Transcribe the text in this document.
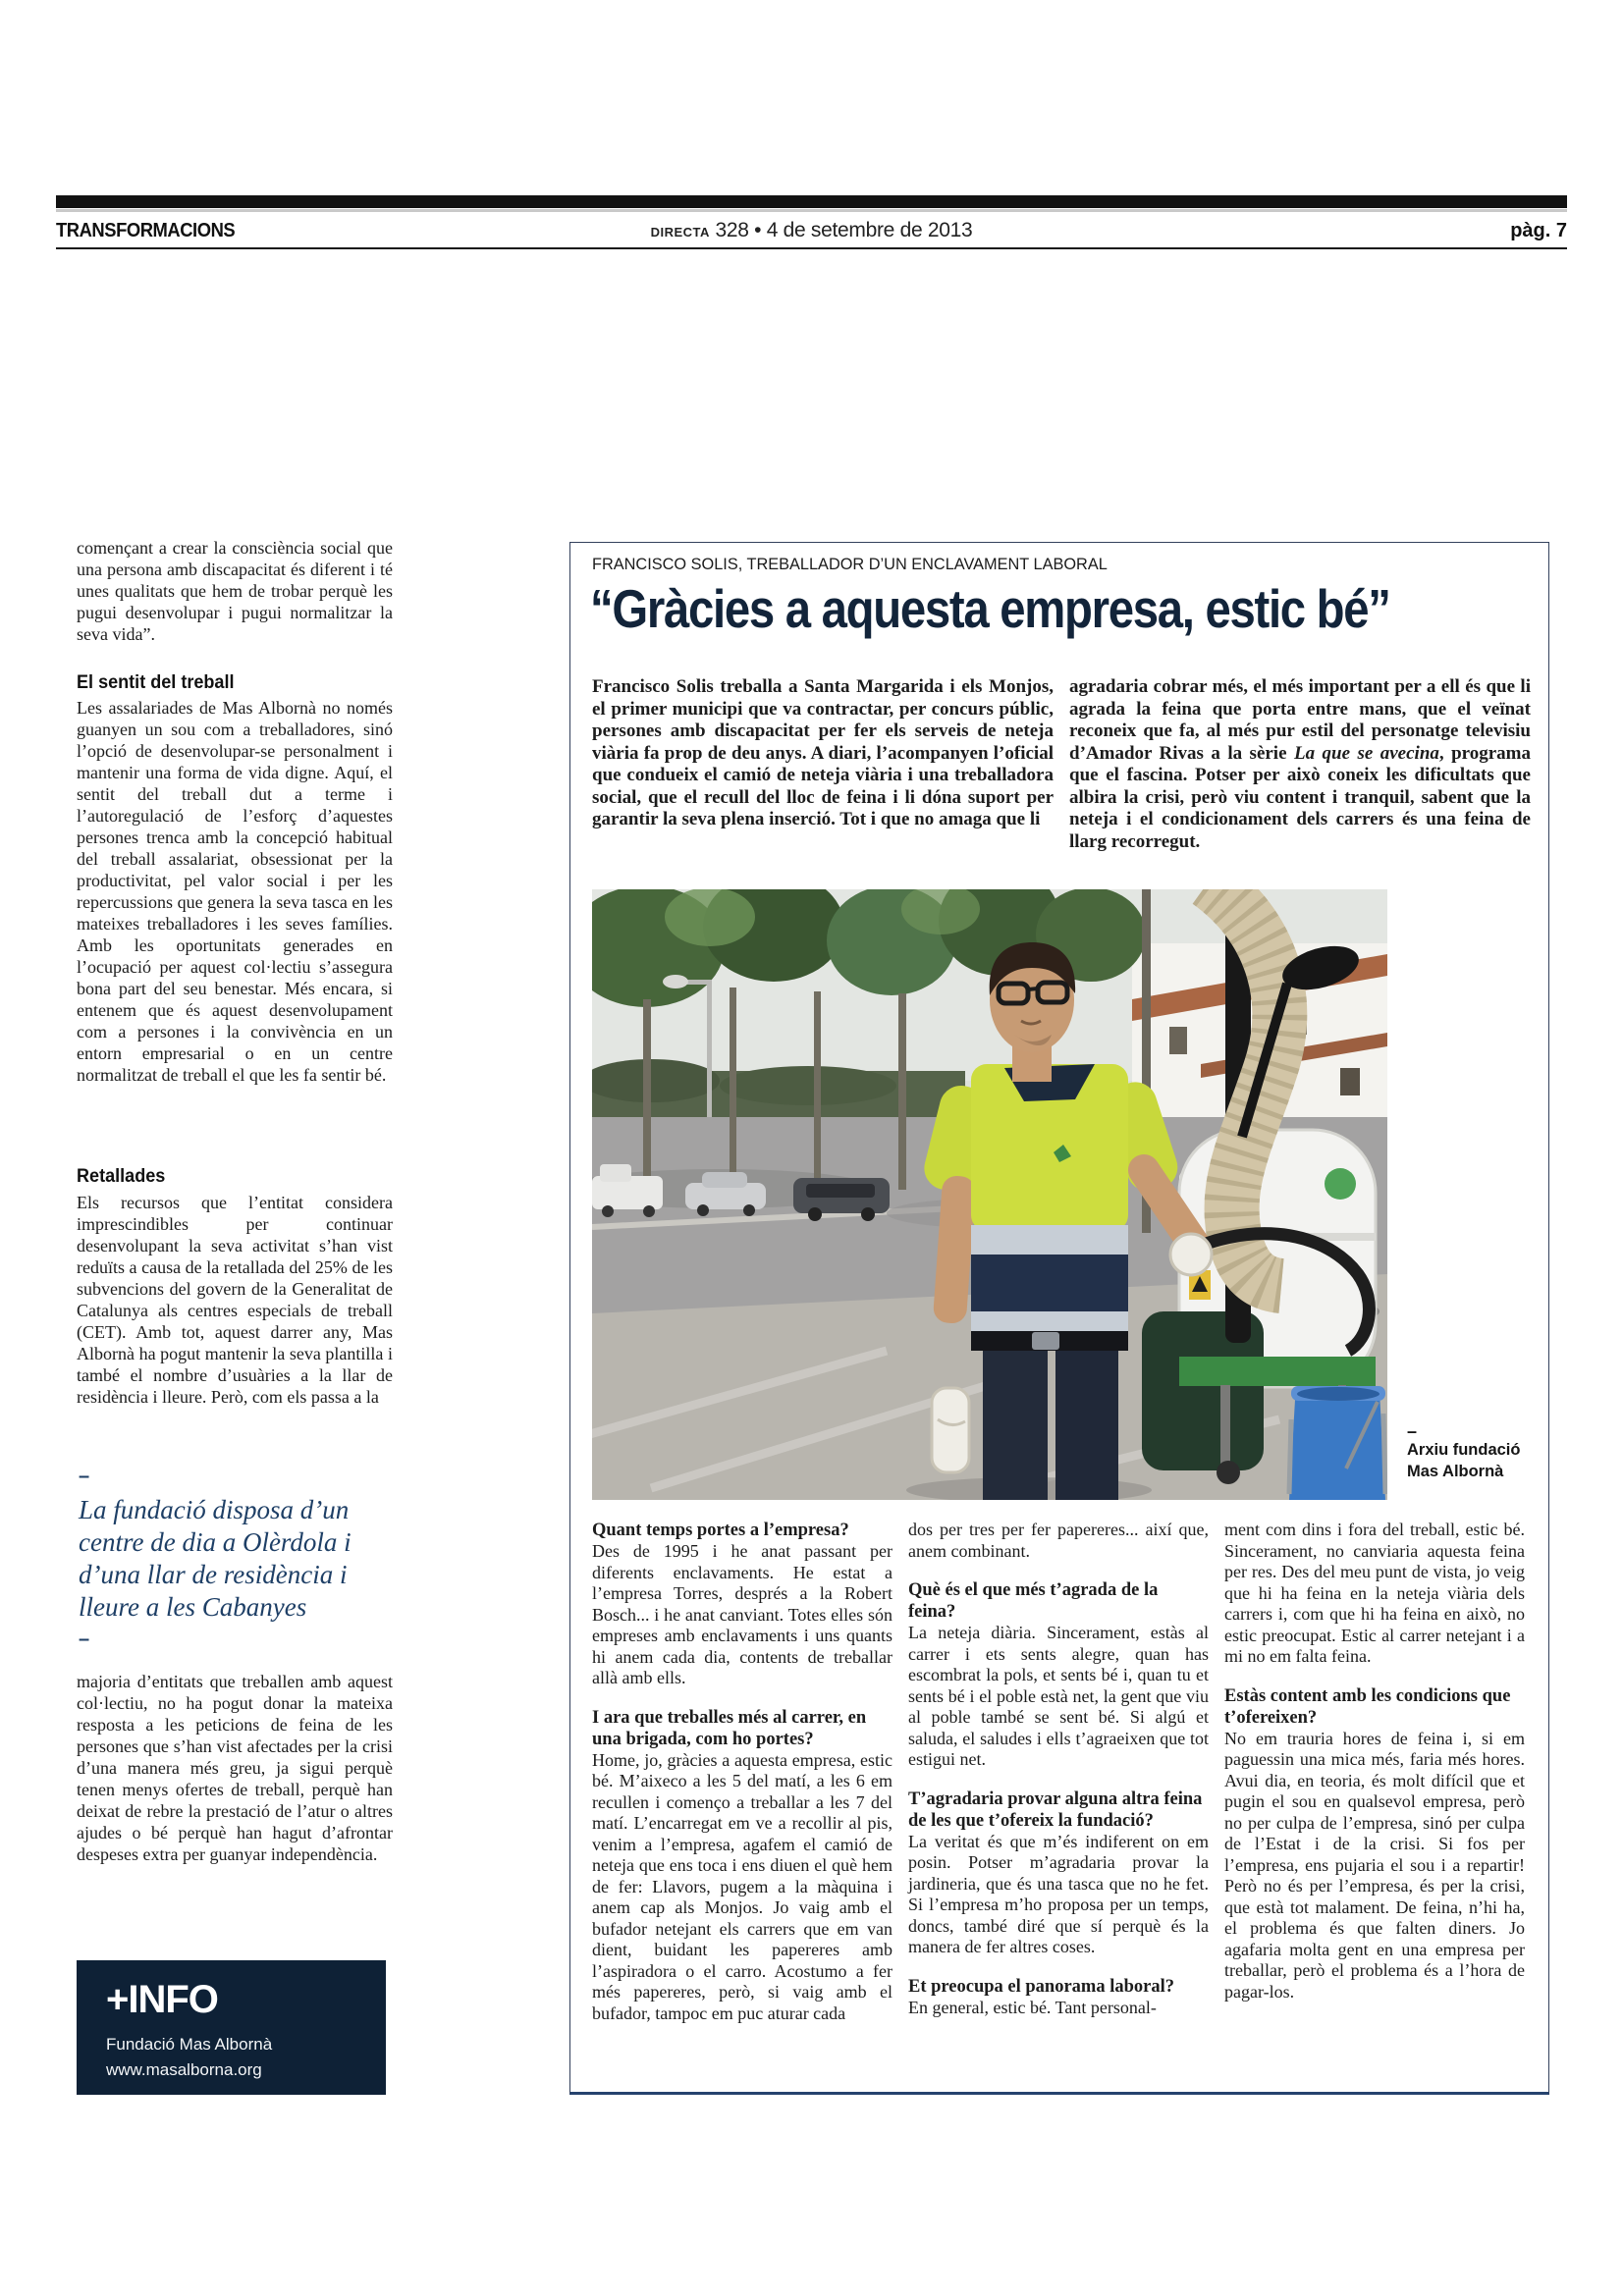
TRANSFORMACIONS	DIRECTA 328 • 4 de setembre de 2013	pàg. 7

començant a crear la consciència social que una persona amb discapacitat és diferent i té unes qualitats que hem de trobar perquè les pugui desenvolupar i pugui normalitzar la seva vida”.

El sentit del treball

Les assalariades de Mas Albornà no només guanyen un sou com a treballadores, sinó l’opció de desenvolupar-se personalment i mantenir una forma de vida digne. Aquí, el sentit del treball dut a terme i l’autoregulació de l’esforç d’aquestes persones trenca amb la concepció habitual del treball assalariat, obsessionat per la productivitat, pel valor social i per les repercussions que genera la seva tasca en les mateixes treballadores i les seves famílies. Amb les oportunitats generades en l’ocupació per aquest col·lectiu s’assegura bona part del seu benestar. Més encara, si entenem que és aquest desenvolupament com a persones i la convivència en un entorn empresarial o en un centre normalitzat de treball el que les fa sentir bé.

Retallades

Els recursos que l’entitat considera imprescindibles per continuar desenvolupant la seva activitat s’han vist reduïts a causa de la retallada del 25% de les subvencions del govern de la Generalitat de Catalunya als centres especials de treball (CET). Amb tot, aquest darrer any, Mas Albornà ha pogut mantenir la seva plantilla i també el nombre d’usuàries a la llar de residència i lleure. Però, com els passa a la

–
La fundació disposa d’un centre de dia a Olèrdola i d’una llar de residència i lleure a les Cabanyes
–

majoria d’entitats que treballen amb aquest col·lectiu, no ha pogut donar la mateixa resposta a les peticions de feina de les persones que s’han vist afectades per la crisi d’una manera més greu, ja sigui perquè tenen menys ofertes de treball, perquè han deixat de rebre la prestació de l’atur o altres ajudes o bé perquè han hagut d’afrontar despeses extra per guanyar independència.

+INFO
Fundació Mas Albornà
www.masalborna.org
FRANCISCO SOLIS, TREBALLADOR D’UN ENCLAVAMENT LABORAL
“Gràcies a aquesta empresa, estic bé”

Francisco Solis treballa a Santa Margarida i els Monjos, el primer municipi que va contractar, per concurs públic, persones amb discapacitat per fer els serveis de neteja viària fa prop de deu anys. A diari, l’acompanyen l’oficial que condueix el camió de neteja viària i una treballadora social, que el recull del lloc de feina i li dóna suport per garantir la seva plena inserció. Tot i que no amaga que li

agradaria cobrar més, el més important per a ell és que li agrada la feina que porta entre mans, que el veïnat reconeix que fa, al més pur estil del personatge televisiu d’Amador Rivas a la sèrie La que se avecina, programa que el fascina. Potser per això coneix les dificultats que albira la crisi, però viu content i tranquil, sabent que la neteja i el condicionament dels carrers és una feina de llarg recorregut.

–
Arxiu fundació
Mas Albornà

Quant temps portes a l’empresa?

Des de 1995 i he anat passant per diferents enclavaments. He estat a l’empresa Torres, després a la Robert Bosch... i he anat canviant. Totes elles són empreses amb enclavaments i uns quants hi anem cada dia, contents de treballar allà amb ells.

I ara que treballes més al carrer, en una brigada, com ho portes?

Home, jo, gràcies a aquesta empresa, estic bé. M’aixeco a les 5 del matí, a les 6 em recullen i començo a treballar a les 7 del matí. L’encarregat em ve a recollir al pis, venim a l’empresa, agafem el camió de neteja que ens toca i ens diuen el què hem de fer: Llavors, pugem a la màquina i anem cap als Monjos. Jo vaig amb el bufador netejant els carrers que em van dient, buidant les papereres amb l’aspiradora o el carro. Acostumo a fer més papereres, però, si vaig amb el bufador, tampoc em puc aturar cada

dos per tres per fer papereres... així que, anem combinant.

Què és el que més t’agrada de la feina?

La neteja diària. Sincerament, estàs al carrer i ets sents alegre, quan has escombrat la pols, et sents bé i, quan tu et sents bé i el poble està net, la gent que viu al poble també se sent bé. Si algú et saluda, el saludes i ells t’agraeixen que tot estigui net.

T’agradaria provar alguna altra feina de les que t’ofereix la fundació?

La veritat és que m’és indiferent on em posin. Potser m’agradaria provar la jardineria, que és una tasca que no he fet. Si l’empresa m’ho proposa per un temps, doncs, també diré que sí perquè és la manera de fer altres coses.

Et preocupa el panorama laboral?

En general, estic bé. Tant personal-

ment com dins i fora del treball, estic bé. Sincerament, no canviaria aquesta feina per res. Des del meu punt de vista, jo veig que hi ha feina en la neteja viària dels carrers i, com que hi ha feina en això, no estic preocupat. Estic al carrer netejant i a mi no em falta feina.

Estàs content amb les condicions que t’ofereixen?

No em trauria hores de feina i, si em paguessin una mica més, faria més hores. Avui dia, en teoria, és molt difícil que et pugin el sou en qualsevol empresa, però no per culpa de l’empresa, sinó per culpa de l’Estat i de la crisi. Si fos per l’empresa, ens pujaria el sou i a repartir! Però no és per l’empresa, és per la crisi, que està tot malament. De feina, n’hi ha, el problema és que falten diners. Jo agafaria molta gent en una empresa per treballar, però el problema és a l’hora de pagar-los.
